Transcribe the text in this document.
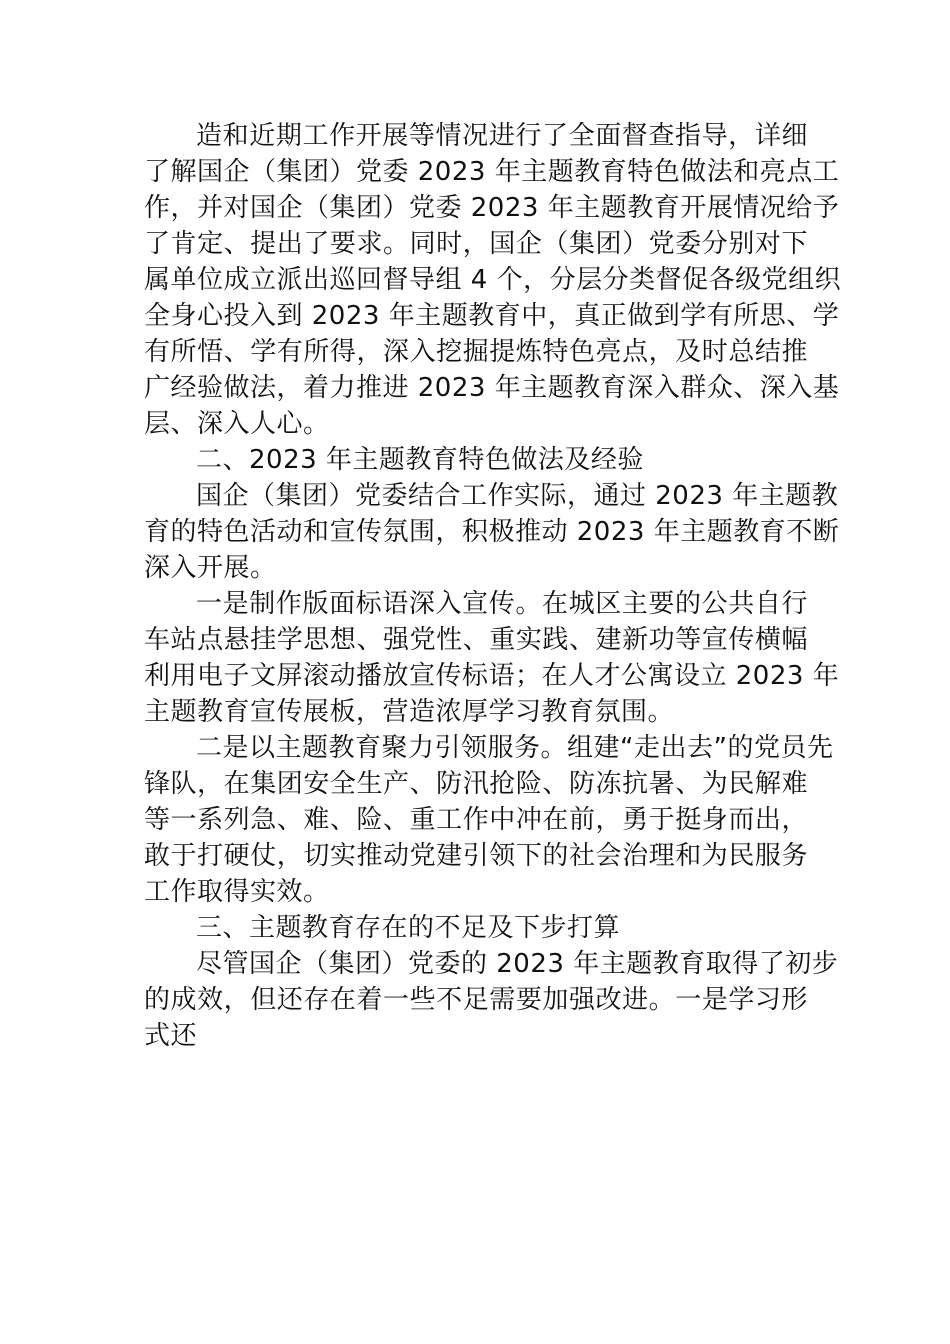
造和近期工作开展等情况进行了全面督查指导，详细
了解国企（集团）党委 2023 年主题教育特色做法和亮点工
作，并对国企（集团）党委 2023 年主题教育开展情况给予
了肯定、提出了要求。同时，国企（集团）党委分别对下
属单位成立派出巡回督导组 4 个，分层分类督促各级党组织
全身心投入到 2023 年主题教育中，真正做到学有所思、学
有所悟、学有所得，深入挖掘提炼特色亮点，及时总结推
广经验做法，着力推进 2023 年主题教育深入群众、深入基
层、深入人心。
二、2023 年主题教育特色做法及经验
国企（集团）党委结合工作实际，通过 2023 年主题教
育的特色活动和宣传氛围，积极推动 2023 年主题教育不断
深入开展。
一是制作版面标语深入宣传。在城区主要的公共自行
车站点悬挂学思想、强党性、重实践、建新功等宣传横幅
利用电子文屏滚动播放宣传标语；在人才公寓设立 2023 年
主题教育宣传展板，营造浓厚学习教育氛围。
二是以主题教育聚力引领服务。组建“走出去”的党员先
锋队，在集团安全生产、防汛抢险、防冻抗暑、为民解难
等一系列急、难、险、重工作中冲在前，勇于挺身而出，
敢于打硬仗，切实推动党建引领下的社会治理和为民服务
工作取得实效。
三、主题教育存在的不足及下步打算
尽管国企（集团）党委的 2023 年主题教育取得了初步
的成效，但还存在着一些不足需要加强改进。一是学习形
式还
